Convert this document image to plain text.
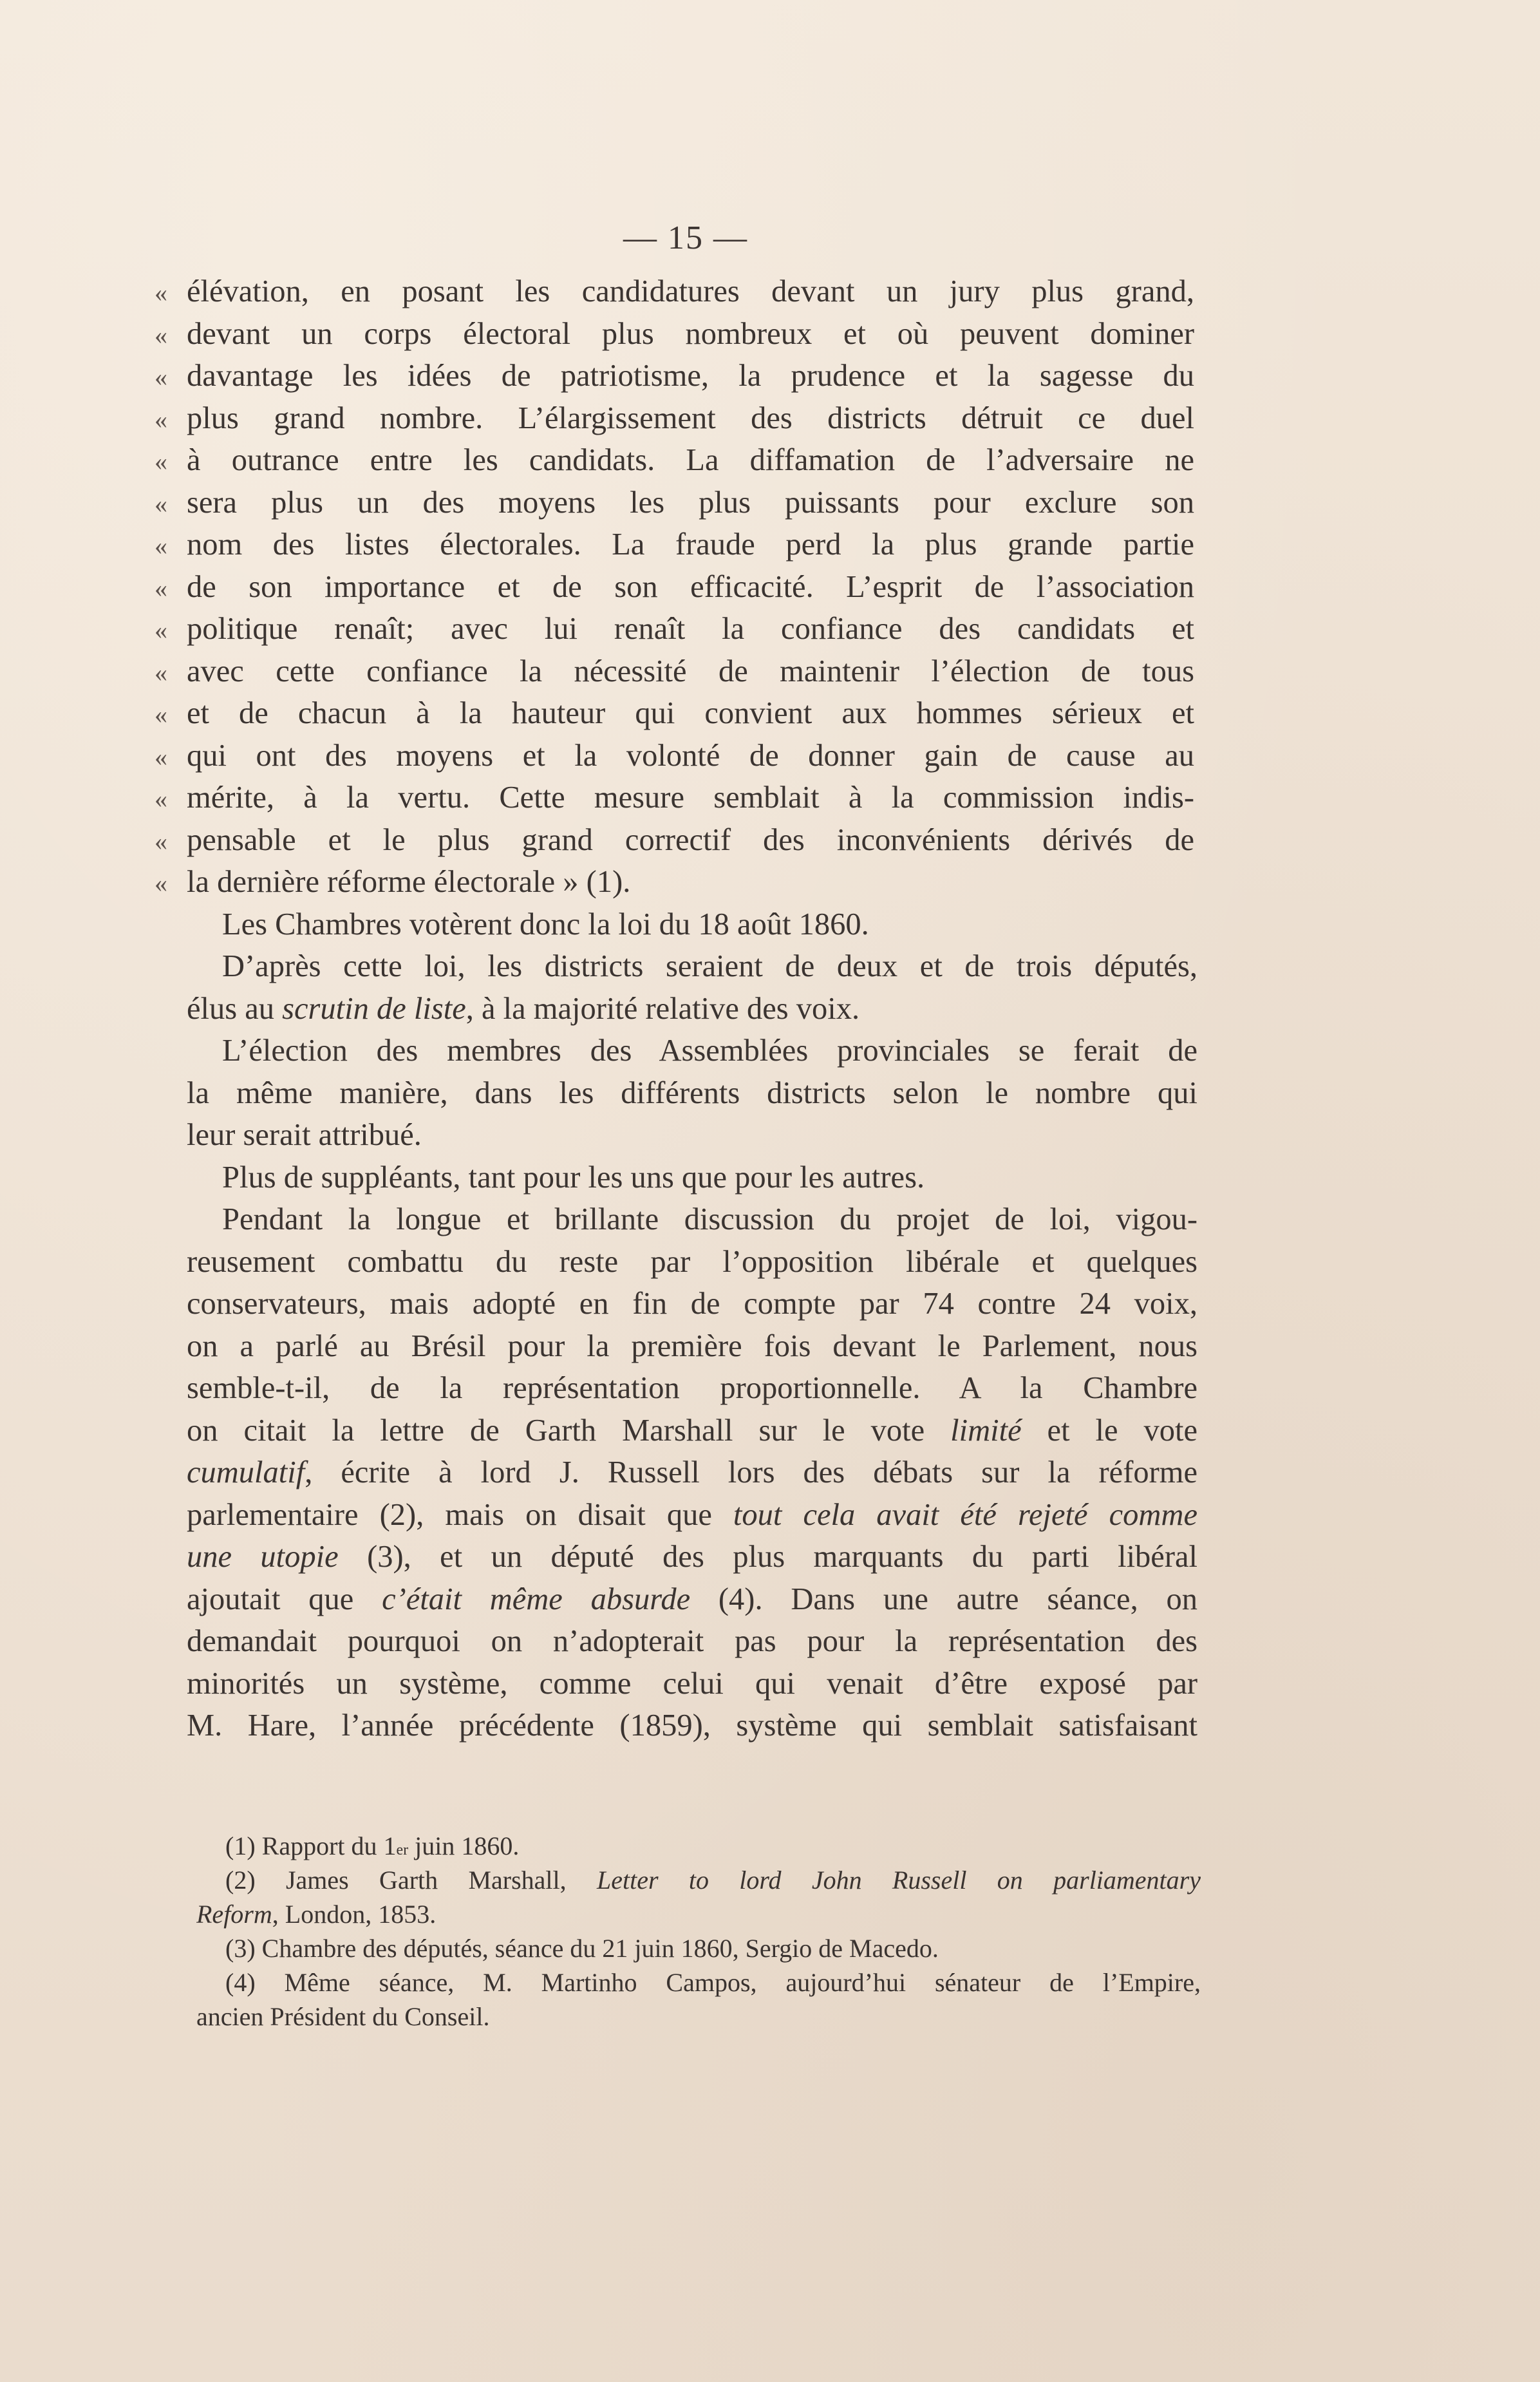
— 15 —
« élévation, en posant les candidatures devant un jury plus grand,
« devant un corps électoral plus nombreux et où peuvent dominer
« davantage les idées de patriotisme, la prudence et la sagesse du
« plus grand nombre. L’élargissement des districts détruit ce duel
« à outrance entre les candidats. La diffamation de l’adversaire ne
« sera plus un des moyens les plus puissants pour exclure son
« nom des listes électorales. La fraude perd la plus grande partie
« de son importance et de son efficacité. L’esprit de l’association
« politique renaît; avec lui renaît la confiance des candidats et
« avec cette confiance la nécessité de maintenir l’élection de tous
« et de chacun à la hauteur qui convient aux hommes sérieux et
« qui ont des moyens et la volonté de donner gain de cause au
« mérite, à la vertu. Cette mesure semblait à la commission indis-
« pensable et le plus grand correctif des inconvénients dérivés de
« la dernière réforme électorale » (1).
Les Chambres votèrent donc la loi du 18 août 1860.
D’après cette loi, les districts seraient de deux et de trois députés,
élus au scrutin de liste, à la majorité relative des voix.
L’élection des membres des Assemblées provinciales se ferait de
la même manière, dans les différents districts selon le nombre qui
leur serait attribué.
Plus de suppléants, tant pour les uns que pour les autres.
Pendant la longue et brillante discussion du projet de loi, vigou-
reusement combattu du reste par l’opposition libérale et quelques
conservateurs, mais adopté en fin de compte par 74 contre 24 voix,
on a parlé au Brésil pour la première fois devant le Parlement, nous
semble-t-il, de la représentation proportionnelle. A la Chambre
on citait la lettre de Garth Marshall sur le vote limité et le vote
cumulatif, écrite à lord J. Russell lors des débats sur la réforme
parlementaire (2), mais on disait que tout cela avait été rejeté comme
une utopie (3), et un député des plus marquants du parti libéral
ajoutait que c’était même absurde (4). Dans une autre séance, on
demandait pourquoi on n’adopterait pas pour la représentation des
minorités un système, comme celui qui venait d’être exposé par
M. Hare, l’année précédente (1859), système qui semblait satisfaisant
(1) Rapport du 1er juin 1860.
(2) James Garth Marshall, Letter to lord John Russell on parliamentary
Reform, London, 1853.
(3) Chambre des députés, séance du 21 juin 1860, Sergio de Macedo.
(4) Même séance, M. Martinho Campos, aujourd’hui sénateur de l’Empire,
ancien Président du Conseil.
